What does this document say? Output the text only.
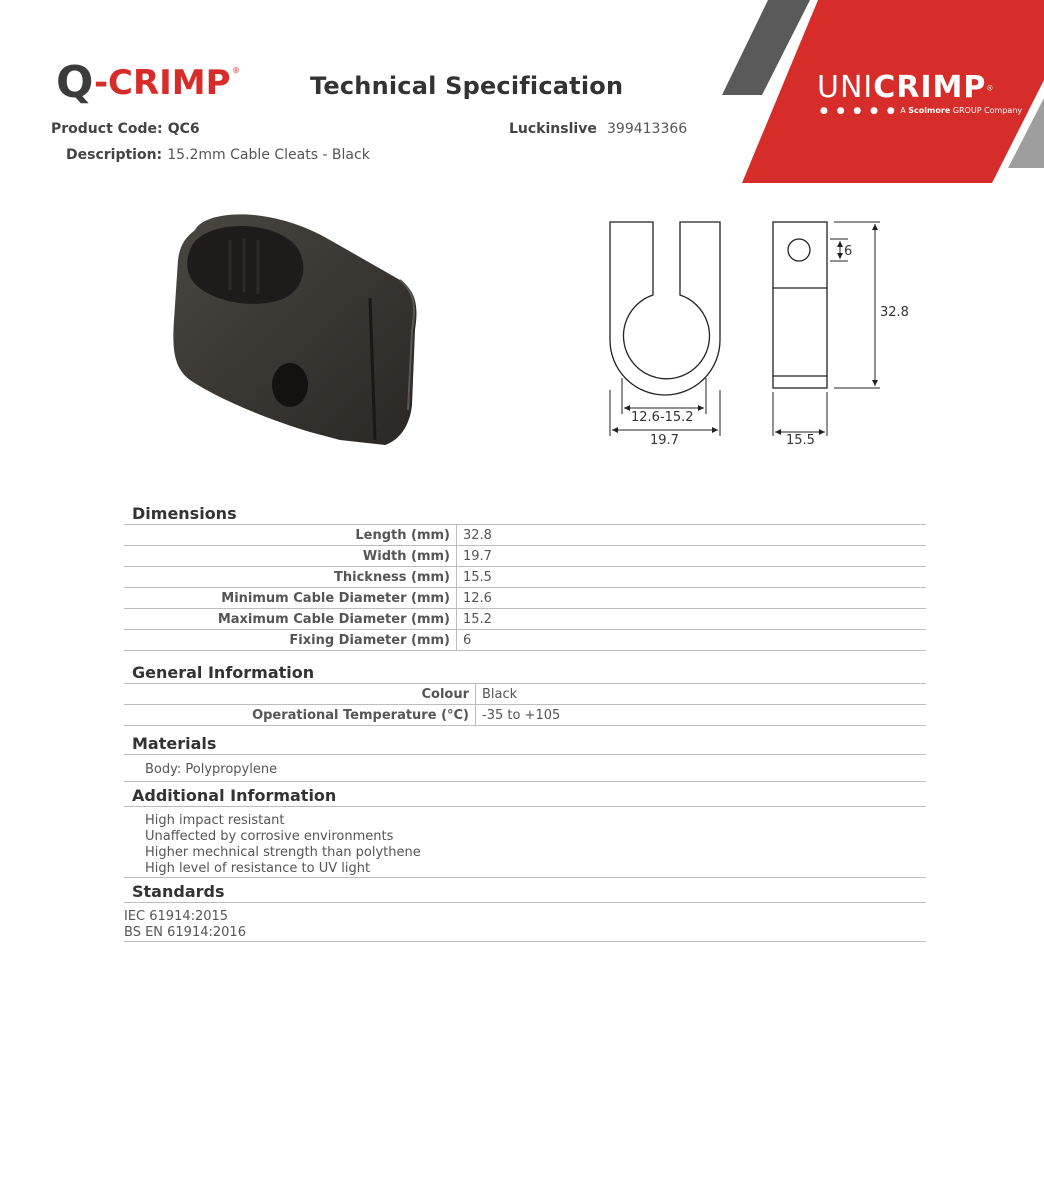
Q - CRIMP ®
Technical Specification
Product Code: QC6
Description: 15.2mm Cable Cleats - Black
Luckinslive 399413366
UNICRIMP®
● ● ● ● ● A Scolmore GROUP Company
12.6-15.2
19.7	15.5
32.8
6
Dimensions
Length (mm)	32.8
Width (mm)	19.7
Thickness (mm)	15.5
Minimum Cable Diameter (mm)	12.6
Maximum Cable Diameter (mm)	15.2
Fixing Diameter (mm)	6
General Information
Colour	Black
Operational Temperature (°C)	-35 to +105
Materials
Body: Polypropylene
Additional Information
High impact resistant
Unaffected by corrosive environments
Higher mechnical strength than polythene
High level of resistance to UV light
Standards
IEC 61914:2015
BS EN 61914:2016
